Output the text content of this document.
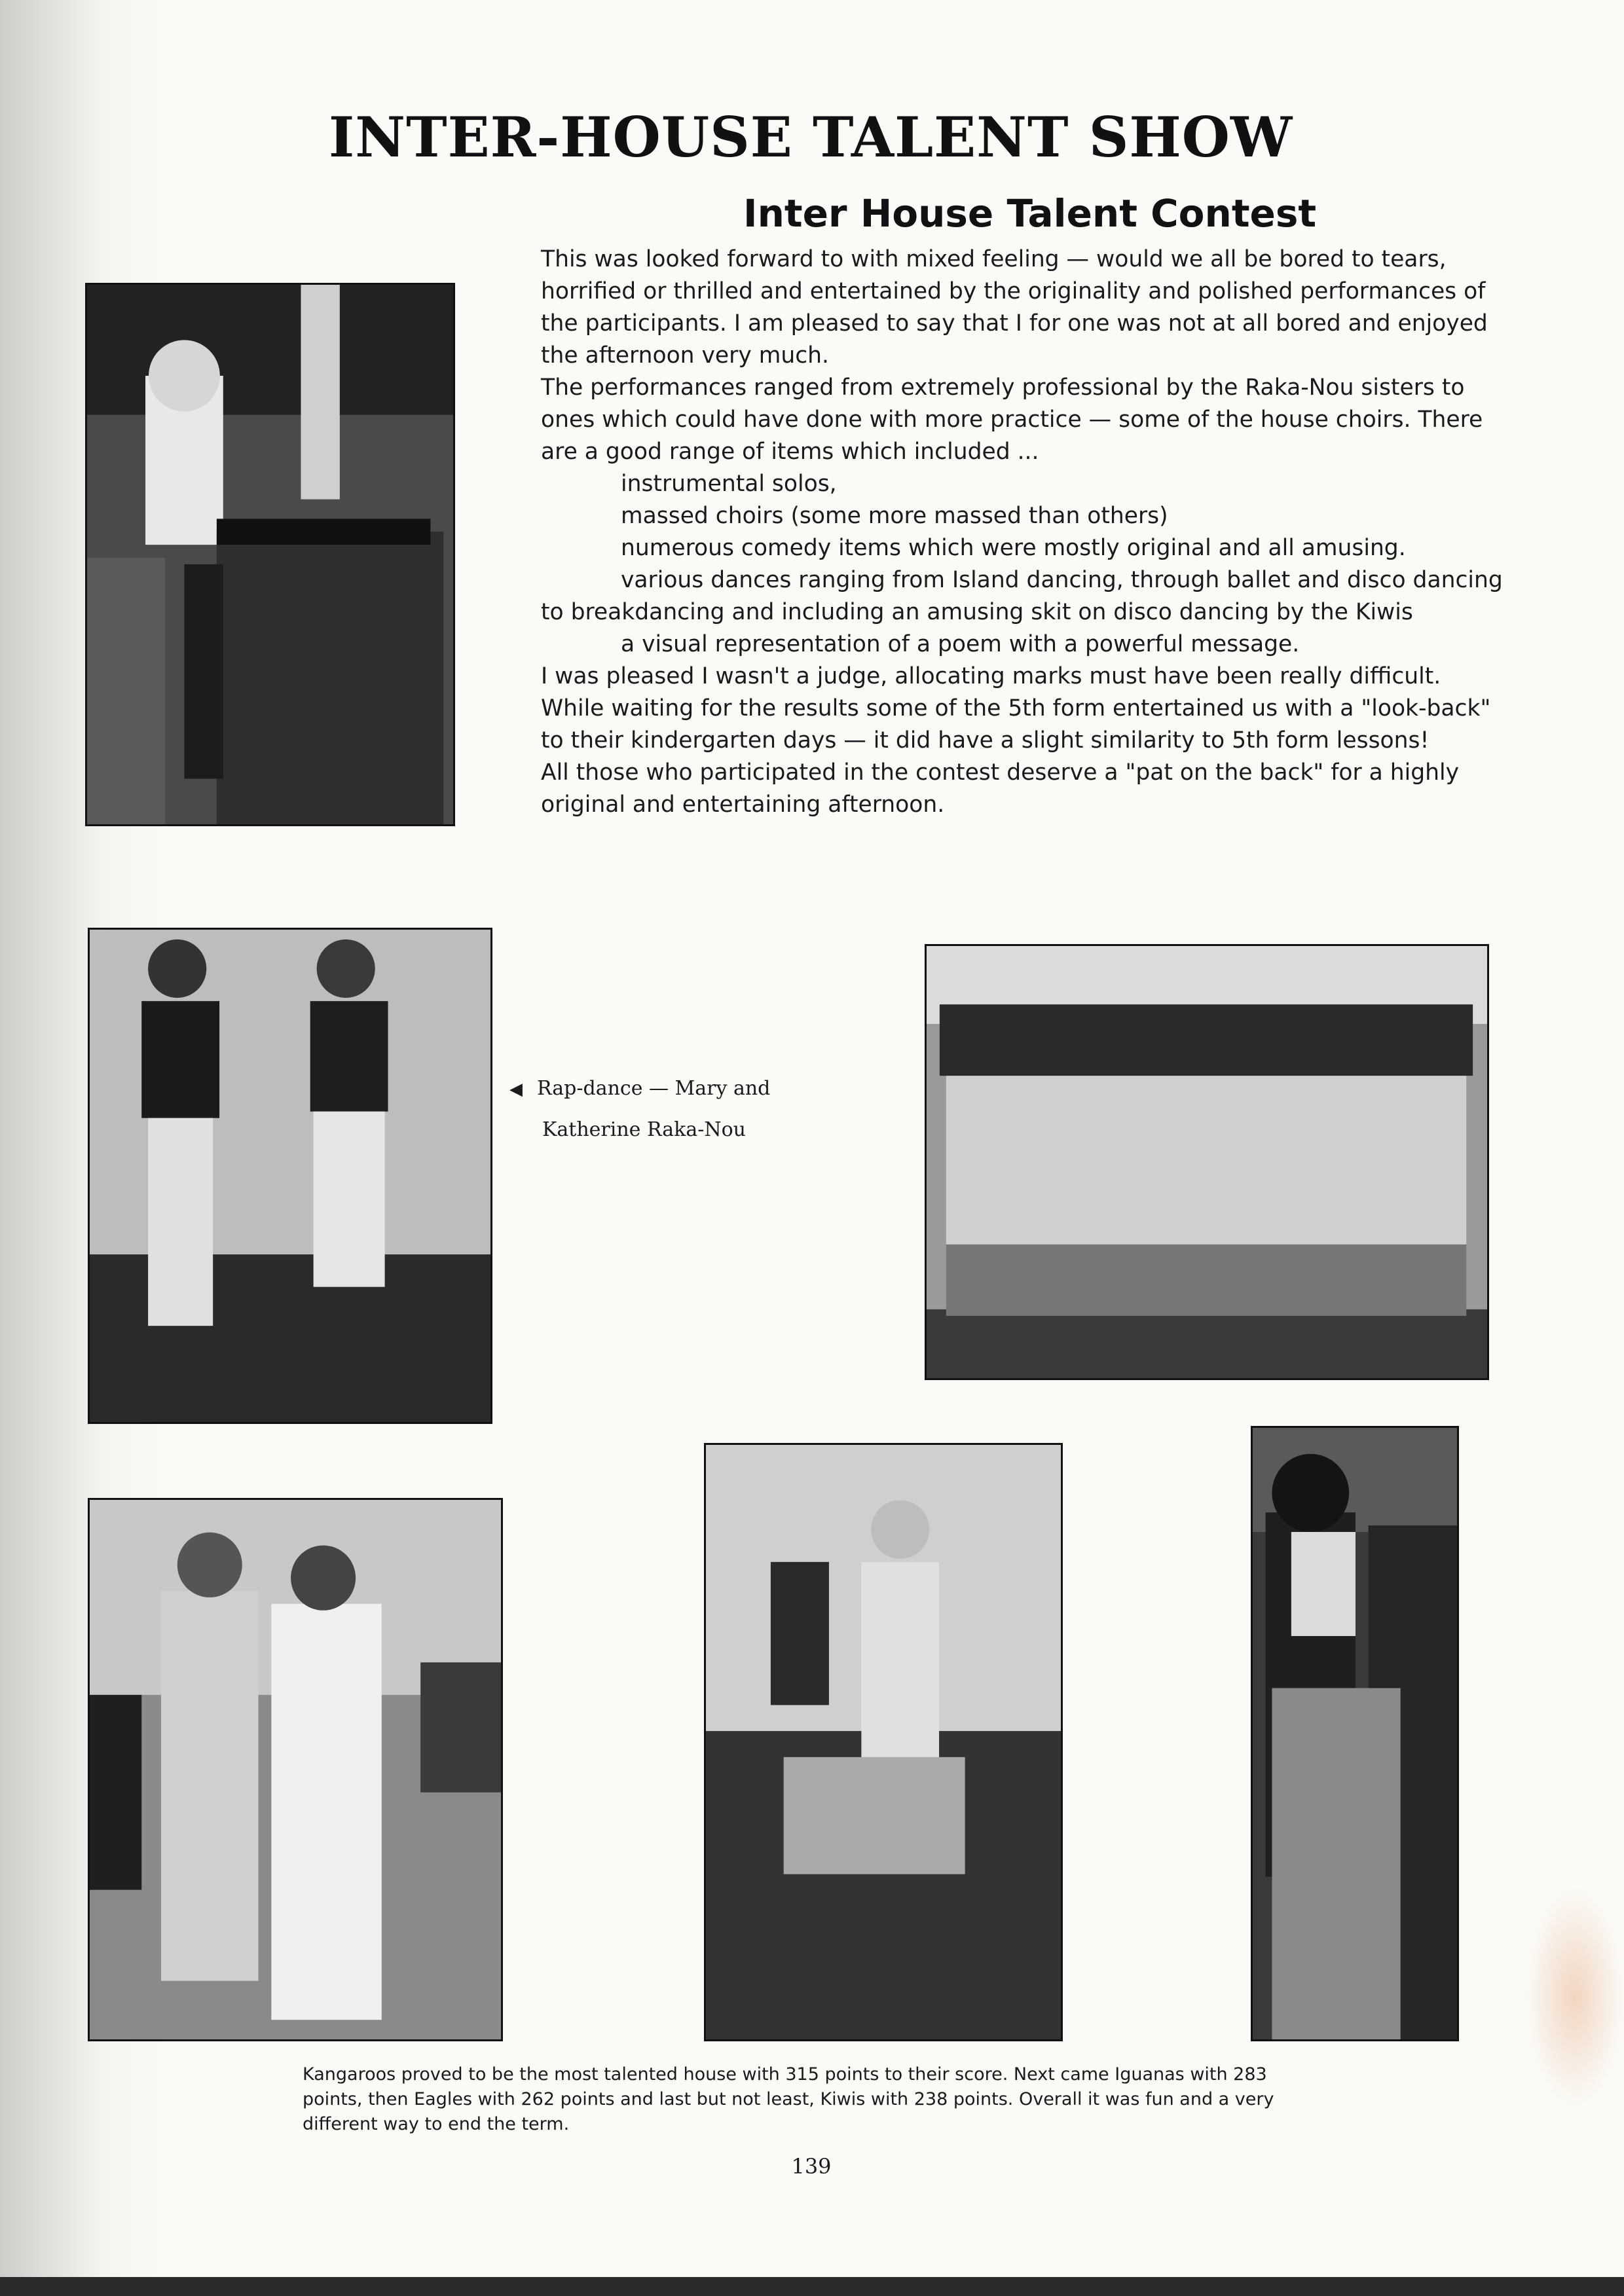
INTER-HOUSE TALENT SHOW
Inter House Talent Contest

This was looked forward to with mixed feeling — would we all be bored to tears, horrified or thrilled and entertained by the originality and polished performances of the participants. I am pleased to say that I for one was not at all bored and enjoyed the afternoon very much.

The performances ranged from extremely professional by the Raka-Nou sisters to ones which could have done with more practice — some of the house choirs. There are a good range of items which included ...

instrumental solos,

massed choirs (some more massed than others)

numerous comedy items which were mostly original and all amusing.

various dances ranging from Island dancing, through ballet and disco dancing to breakdancing and including an amusing skit on disco dancing by the Kiwis

a visual representation of a poem with a powerful message.

I was pleased I wasn't a judge, allocating marks must have been really difficult.

While waiting for the results some of the 5th form entertained us with a "look-back" to their kindergarten days — it did have a slight similarity to 5th form lessons!

All those who participated in the contest deserve a "pat on the back" for a highly original and entertaining afternoon.

◀ Rap-dance — Mary and
Katherine Raka-Nou
Kangaroos proved to be the most talented house with 315 points to their score. Next came Iguanas with 283 points, then Eagles with 262 points and last but not least, Kiwis with 238 points. Overall it was fun and a very different way to end the term.
139
